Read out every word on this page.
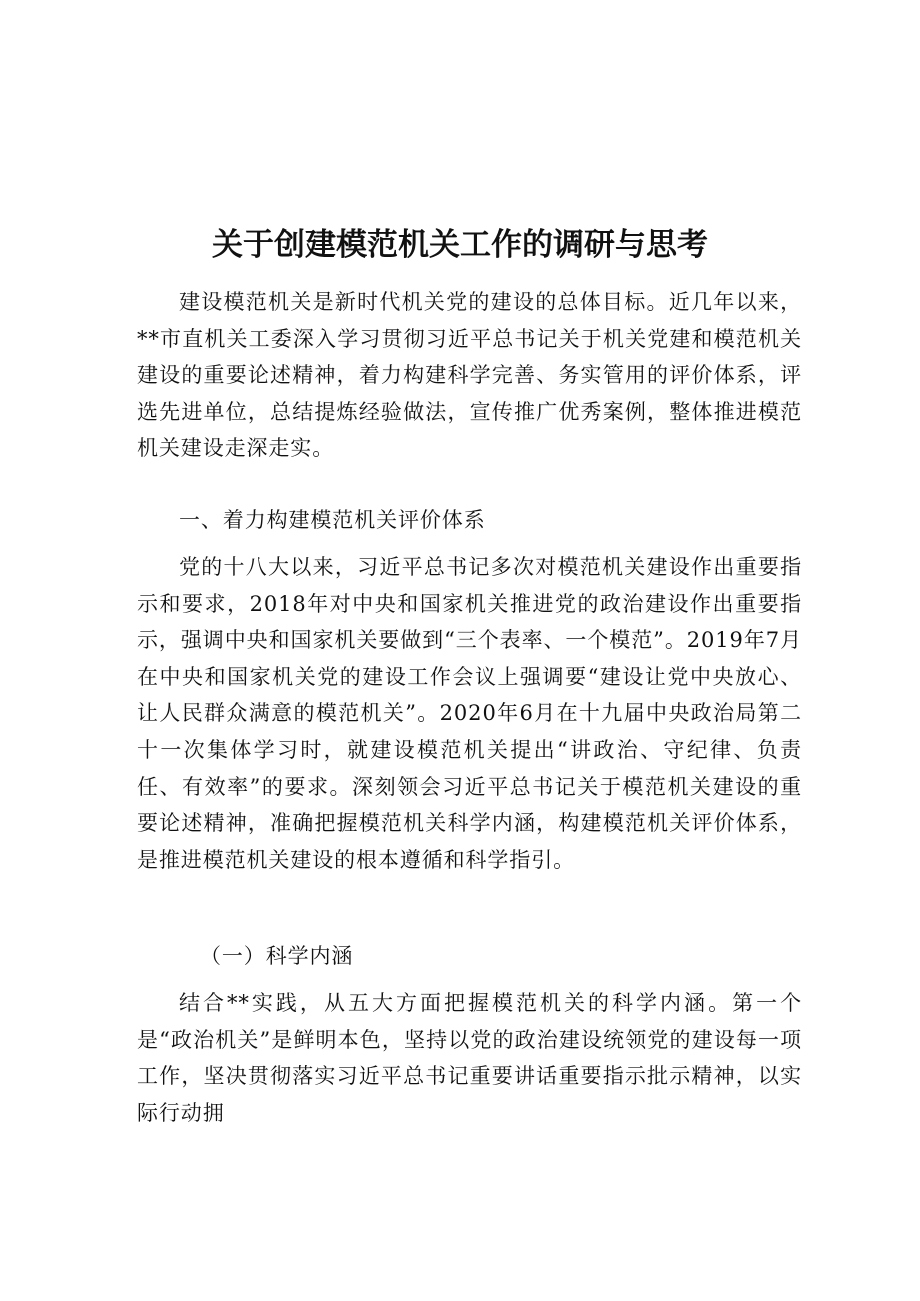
关于创建模范机关工作的调研与思考

建设模范机关是新时代机关党的建设的总体目标。近几年以来，**市直机关工委深入学习贯彻习近平总书记关于机关党建和模范机关建设的重要论述精神，着力构建科学完善、务实管用的评价体系，评选先进单位，总结提炼经验做法，宣传推广优秀案例，整体推进模范机关建设走深走实。

一、着力构建模范机关评价体系

党的十八大以来，习近平总书记多次对模范机关建设作出重要指示和要求，2018年对中央和国家机关推进党的政治建设作出重要指示，强调中央和国家机关要做到“三个表率、一个模范”。2019年7月在中央和国家机关党的建设工作会议上强调要“建设让党中央放心、让人民群众满意的模范机关”。2020年6月在十九届中央政治局第二十一次集体学习时，就建设模范机关提出“讲政治、守纪律、负责任、有效率”的要求。深刻领会习近平总书记关于模范机关建设的重要论述精神，准确把握模范机关科学内涵，构建模范机关评价体系，是推进模范机关建设的根本遵循和科学指引。

（一）科学内涵

结合**实践，从五大方面把握模范机关的科学内涵。第一个是“政治机关”是鲜明本色，坚持以党的政治建设统领党的建设每一项工作，坚决贯彻落实习近平总书记重要讲话重要指示批示精神，以实际行动拥
